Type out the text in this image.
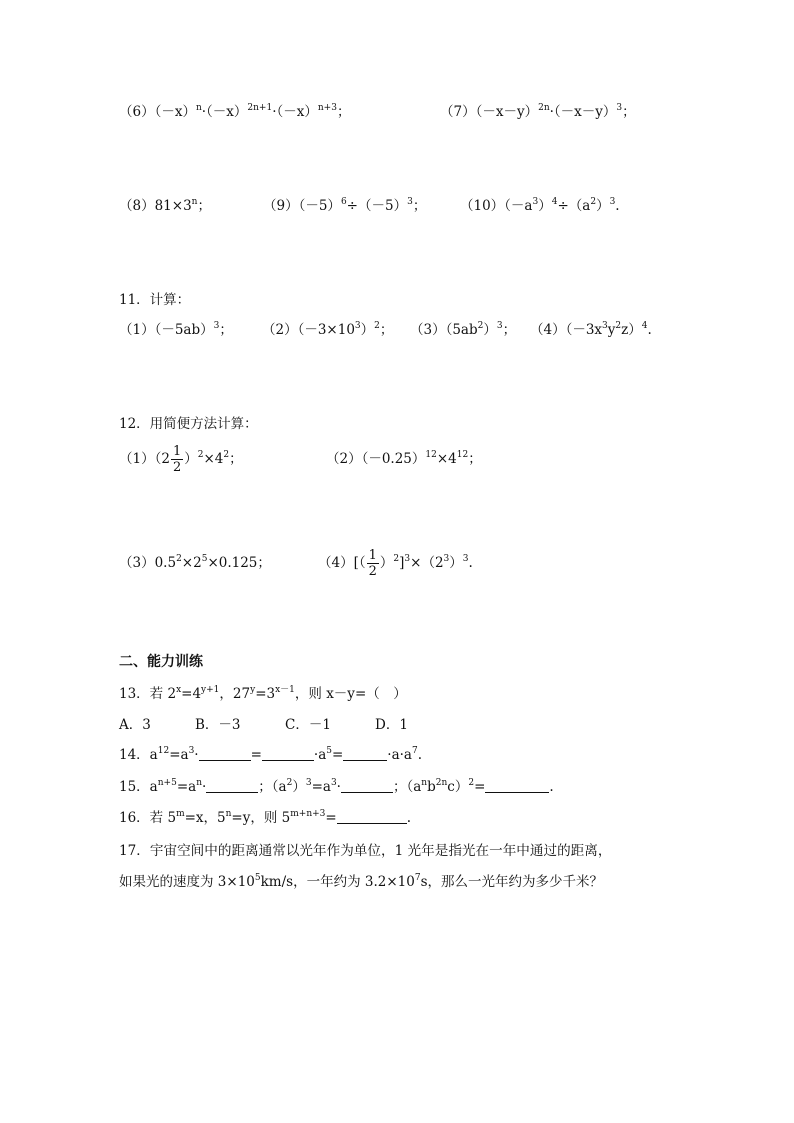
$(6)(-x)^n\cdot(-x)^{2n+1}\cdot(-x)^{n+3}$；	$(7)(-x-y)^{2n}\cdot(-x-y)^3$；
$(8)81\times 3^n$；	$(9)(-5)^6\div(-5)^3$； $(10)(-a^3)^4\div(a^2)^3$.
11．计算：
$(1)(-5ab)^3$； $(2)(-3\times 10^3)^2$； $(3)(5ab^2)^3$； $(4)(-3x^3y^2z)^4$.
12．用简便方法计算：
$(1)(2 \frac{1}{2} )^2\times 4^2$；	$(2)(-0.25)^{12}\times 4^{12}$；
$(3)0.5^2\times 2^5\times 0.125$；	$(4)[( \frac{1}{2} )^2]^3\times(2^3)^3$.
二、能力训练
13．若 $2^x=4^{y+1}$，$27^y=3^{x-1}$，则 x－y=（　）
A．3	B．－3	C．－1	D．1
14．$a^{12}=a^3\cdot$	=	$\cdot a^5=$	$\cdot a\cdot a^7$.
15．$a^{n+5}=a^n\cdot$	；$(a^2)^3=a^3\cdot$	；$(a^nb^{2n}c)^2=$	.
16．若 $5^m=x$，$5^n=y$，则 $5^{m+n+3}=$	.
17．宇宙空间中的距离通常以光年作为单位，1 光年是指光在一年中通过的距离，
如果光的速度为 $3\times 10^5km/s$，一年约为 $3.2\times 10^7s$，那么一光年约为多少千米？
